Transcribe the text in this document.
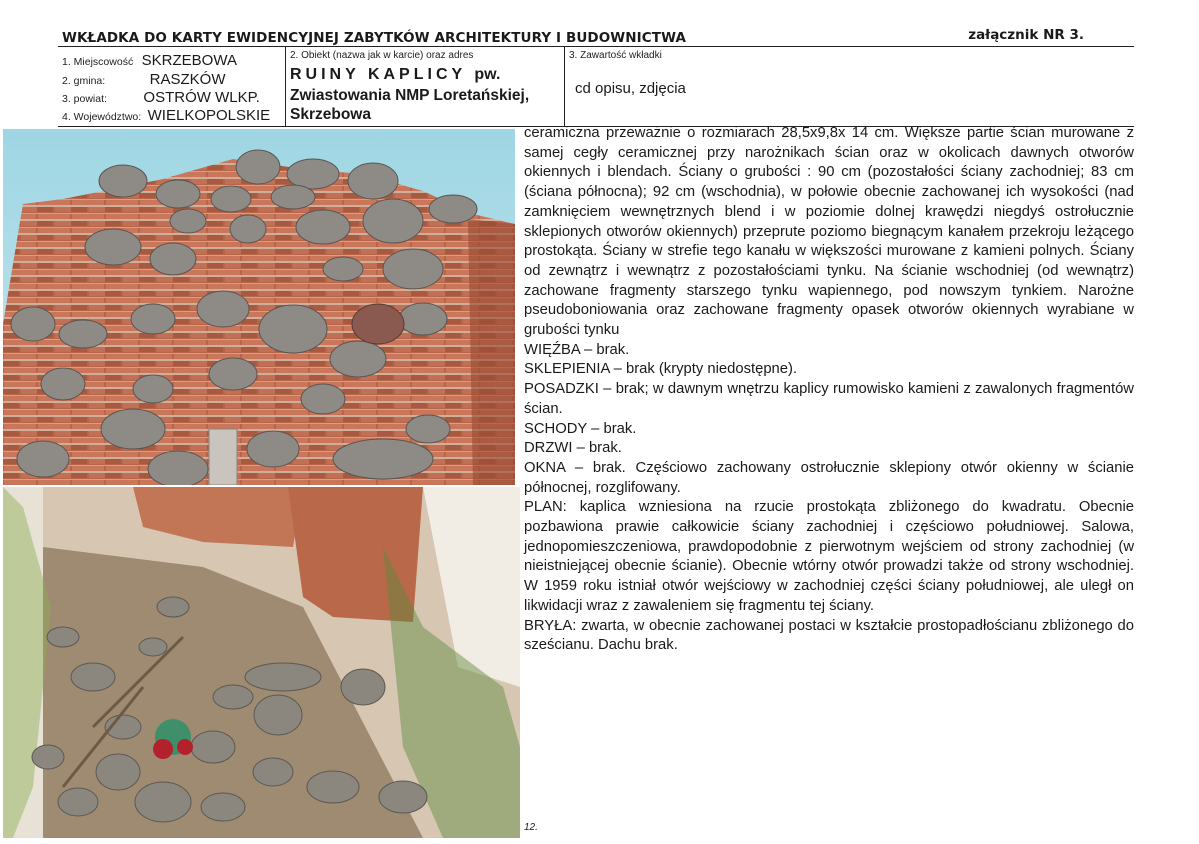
WKŁADKA DO KARTY EWIDENCYJNEJ ZABYTKÓW ARCHITEKTURY I BUDOWNICTWA	załącznik NR 3.
1. Miejscowość SKRZEBOWA
2. gmina:	RASZKÓW
3. powiat: OSTRÓW WLKP.
4. Województwo: WIELKOPOLSKIE
2. Obiekt (nazwa jak w karcie) oraz adres
RUINY KAPLICY pw.
Zwiastowania NMP Loretańskiej,
Skrzebowa
3. Zawartość wkładki
cd opisu, zdjęcia

ceramiczna przeważnie o rozmiarach 28,5x9,8x 14 cm. Większe partie ścian murowane z samej cegły ceramicznej przy narożnikach ścian oraz w okolicach dawnych otworów okiennych i blendach. Ściany o grubości : 90 cm (pozostałości ściany zachodniej; 83 cm (ściana północna); 92 cm (wschodnia), w połowie obecnie zachowanej ich wysokości (nad zamknięciem wewnętrznych blend i w poziomie dolnej krawędzi niegdyś ostrołucznie sklepionych otworów okiennych) przeprute poziomo biegnącym kanałem przekroju leżącego prostokąta. Ściany w strefie tego kanału w większości murowane z kamieni polnych. Ściany od zewnątrz i wewnątrz z pozostałościami tynku. Na ścianie wschodniej (od wewnątrz) zachowane fragmenty starszego tynku wapiennego, pod nowszym tynkiem. Narożne pseudoboniowania oraz zachowane fragmenty opasek otworów okiennych wyrabiane w grubości tynku

WIĘŹBA – brak.

SKLEPIENIA – brak (krypty niedostępne).

POSADZKI – brak; w dawnym wnętrzu kaplicy rumowisko kamieni z zawalonych fragmentów ścian.

SCHODY – brak.

DRZWI – brak.

OKNA – brak. Częściowo zachowany ostrołucznie sklepiony otwór okienny w ścianie północnej, rozglifowany.

PLAN: kaplica wzniesiona na rzucie prostokąta zbliżonego do kwadratu. Obecnie pozbawiona prawie całkowicie ściany zachodniej i częściowo południowej. Salowa, jednopomieszczeniowa, prawdopodobnie z pierwotnym wejściem od strony zachodniej (w nieistniejącej obecnie ścianie). Obecnie wtórny otwór prowadzi także od strony wschodniej. W 1959 roku istniał otwór wejściowy w zachodniej części ściany południowej, ale uległ on likwidacji wraz z zawaleniem się fragmentu tej ściany.

BRYŁA: zwarta, w obecnie zachowanej postaci w kształcie prostopadłościanu zbliżonego do sześcianu. Dachu brak.

12.
